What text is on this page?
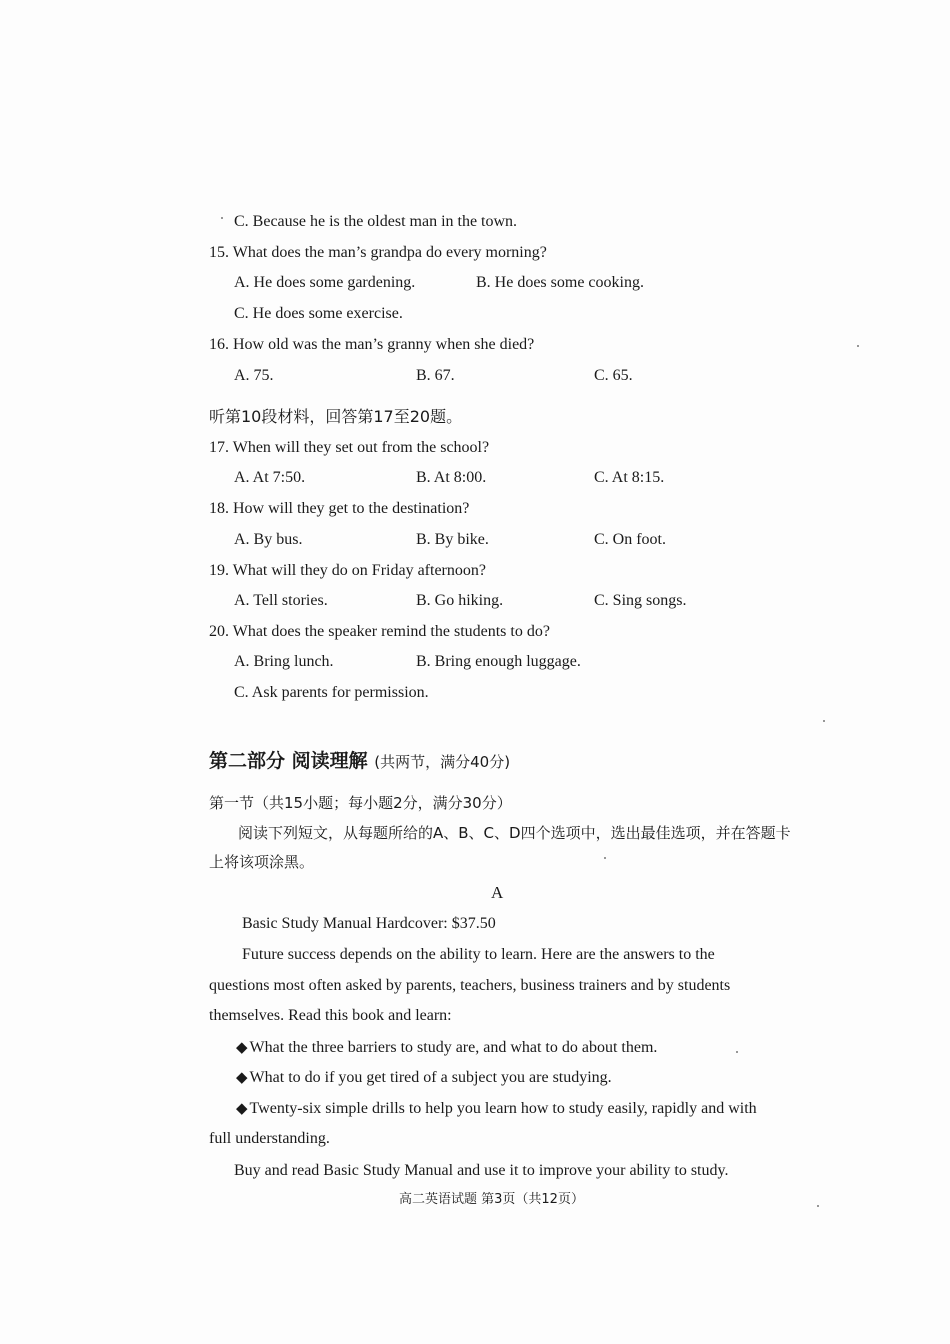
C. Because he is the oldest man in the town.
15. What does the man’s grandpa do every morning?
A. He does some gardening.	B. He does some cooking.
C. He does some exercise.
16. How old was the man’s granny when she died?
A. 75.	B. 67.	C. 65.
听第10段材料，回答第17至20题。
17. When will they set out from the school?
A. At 7:50.	B. At 8:00.	C. At 8:15.
18. How will they get to the destination?
A. By bus.	B. By bike.	C. On foot.
19. What will they do on Friday afternoon?
A. Tell stories.	B. Go hiking.	C. Sing songs.
20. What does the speaker remind the students to do?
A. Bring lunch.	B. Bring enough luggage.
C. Ask parents for permission.
第二部分 阅读理解 (共两节，满分40分)
第一节（共15小题；每小题2分，满分30分）
阅读下列短文，从每题所给的A、B、C、D四个选项中，选出最佳选项，并在答题卡
上将该项涂黑。
A
Basic Study Manual Hardcover: $37.50
Future success depends on the ability to learn. Here are the answers to the
questions most often asked by parents, teachers, business trainers and by students
themselves. Read this book and learn:
◆ What the three barriers to study are, and what to do about them.
◆ What to do if you get tired of a subject you are studying.
◆ Twenty-six simple drills to help you learn how to study easily, rapidly and with
full understanding.
Buy and read Basic Study Manual and use it to improve your ability to study.
高二英语试题 第3页（共12页）
